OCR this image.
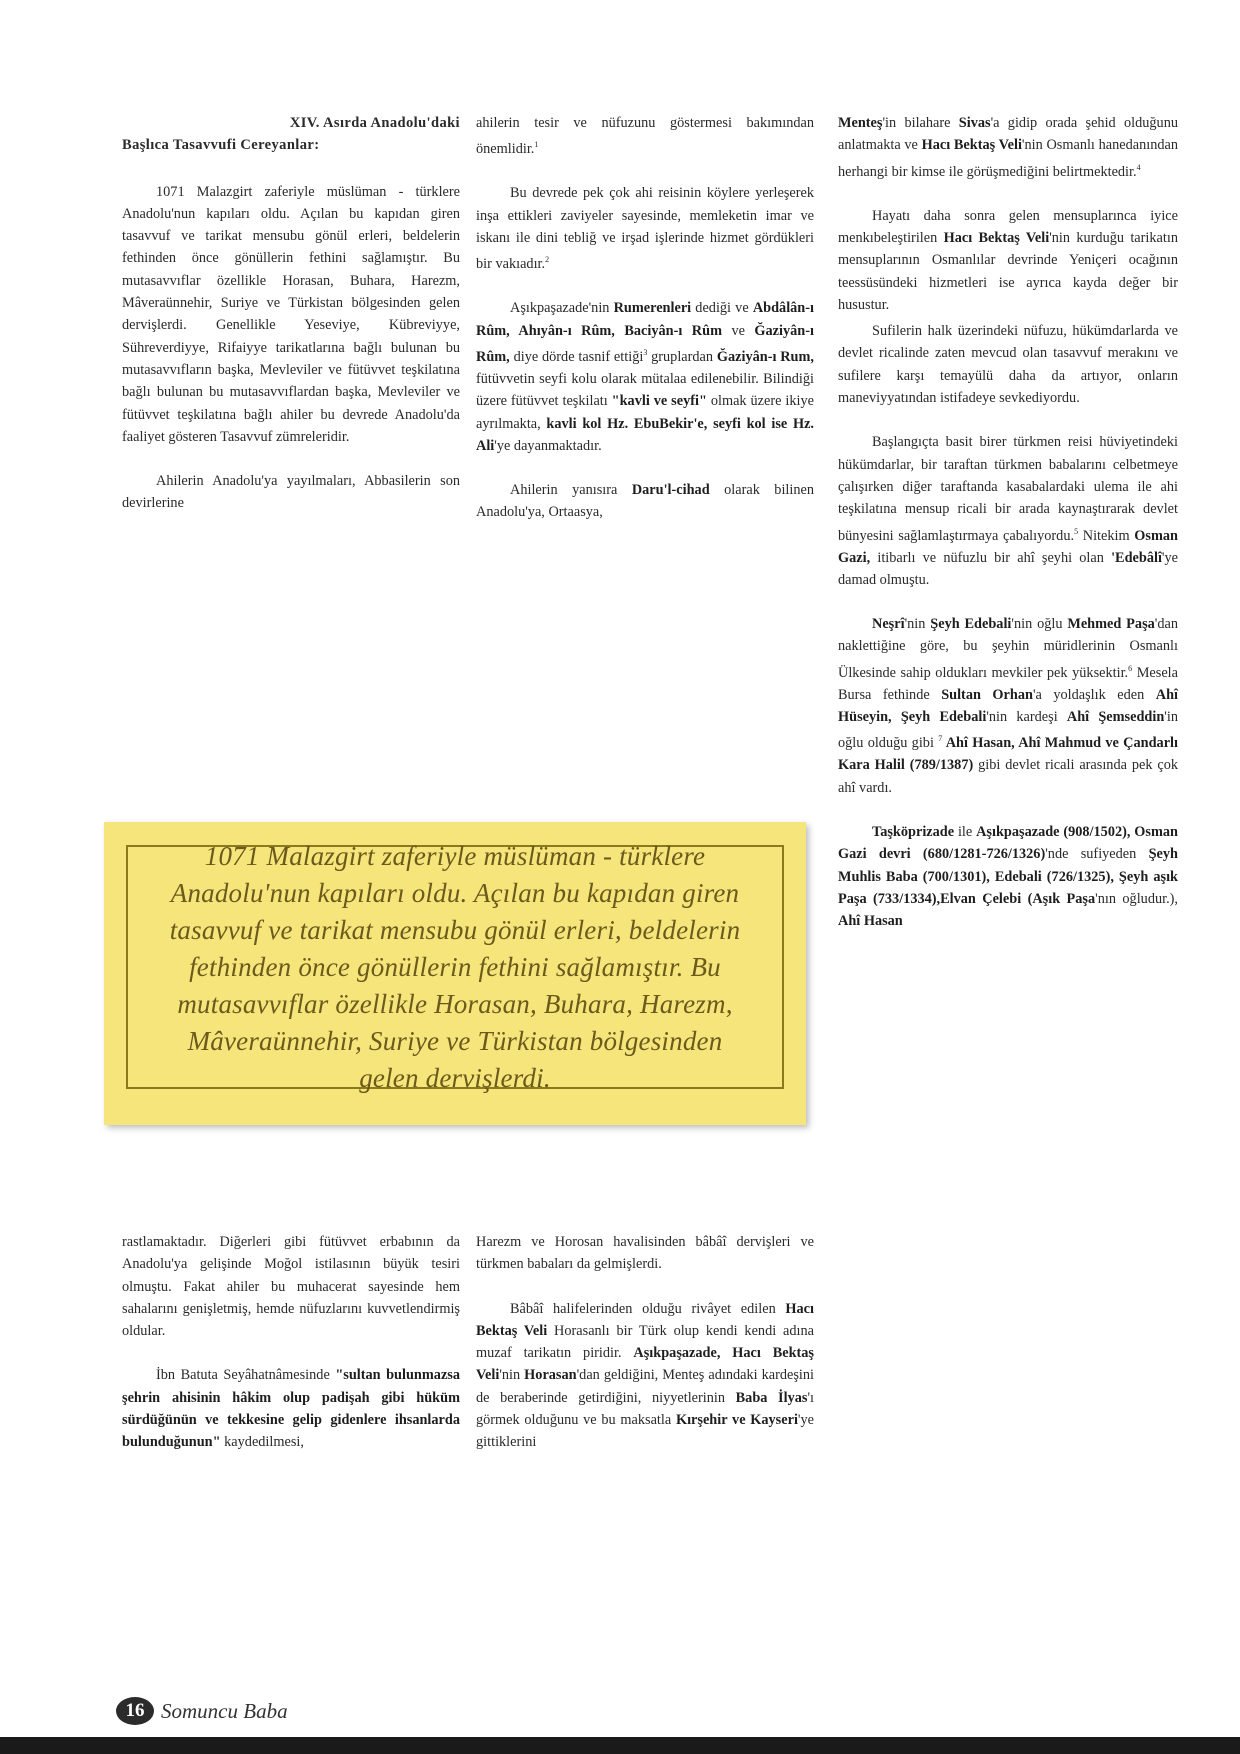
XIV. Asırda Anadolu'daki
Başlıca Tasavvufi Cereyanlar:

1071 Malazgirt zaferiyle müslüman - türklere Anadolu'nun kapıları oldu. Açılan bu kapıdan giren tasavvuf ve tarikat mensubu gönül erleri, beldelerin fethinden önce gönüllerin fethini sağlamıştır. Bu mutasavvıflar özellikle Horasan, Buhara, Harezm, Mâveraünnehir, Suriye ve Türkistan bölgesinden gelen dervişlerdi. Genellikle Yeseviye, Kübreviyye, Sühreverdiyye, Rifaiyye tarikatlarına bağlı bulunan bu mutasavvıfların başka, Mevleviler ve fütüvvet teşkilatına bağlı bulunan bu mutasavvıflardan başka, Mevleviler ve fütüvvet teşkilatına bağlı ahiler bu devrede Anadolu'da faaliyet gösteren Tasavvuf zümreleridir.

Ahilerin Anadolu'ya yayılmaları, Abbasilerin son devirlerine

ahilerin tesir ve nüfuzunu göstermesi bakımından önemlidir.$^1$

Bu devrede pek çok ahi reisinin köylere yerleşerek inşa ettikleri zaviyeler sayesinde, memleketin imar ve iskanı ile dini tebliğ ve irşad işlerinde hizmet gördükleri bir vakıadır.$^2$

Aşıkpaşazade'nin Rumerenleri dediği ve Abdâlân-ı Rûm, Ahıyân-ı Rûm, Baciyân-ı Rûm ve Ğaziyân-ı Rûm, diye dörde tasnif ettiği$^3$ gruplardan Ğaziyân-ı Rum, fütüvvetin seyfi kolu olarak mütalaa edilenebilir. Bilindiği üzere fütüvvet teşkilatı "kavli ve seyfi" olmak üzere ikiye ayrılmakta, kavli kol Hz. EbuBekir'e, seyfi kol ise Hz. Ali'ye dayanmaktadır.

Ahilerin yanısıra Daru'l-cihad olarak bilinen Anadolu'ya, Ortaasya,

Menteş'in bilahare Sivas'a gidip orada şehid olduğunu anlatmakta ve Hacı Bektaş Veli'nin Osmanlı hanedanından herhangi bir kimse ile görüşmediğini belirtmektedir.$^4$

Hayatı daha sonra gelen mensuplarınca iyice menkıbeleştirilen Hacı Bektaş Veli'nin kurduğu tarikatın mensuplarının Osmanlılar devrinde Yeniçeri ocağının teessüsündeki hizmetleri ise ayrıca kayda değer bir husustur.

Sufilerin halk üzerindeki nüfuzu, hükümdarlarda ve devlet ricalinde zaten mevcud olan tasavvuf merakını ve sufilere karşı temayülü daha da artıyor, onların maneviyyatından istifadeye sevkediyordu.

Başlangıçta basit birer türkmen reisi hüviyetindeki hükümdarlar, bir taraftan türkmen babalarını celbetmeye çalışırken diğer taraftanda kasabalardaki ulema ile ahi teşkilatına mensup ricali bir arada kaynaştırarak devlet bünyesini sağlamlaştırmaya çabalıyordu.$^5$ Nitekim Osman Gazi, itibarlı ve nüfuzlu bir ahî şeyhi olan 'Edebâlî'ye damad olmuştu.

Neşrî'nin Şeyh Edebali'nin oğlu Mehmed Paşa'dan naklettiğine göre, bu şeyhin müridlerinin Osmanlı Ülkesinde sahip oldukları mevkiler pek yüksektir.$^6$ Mesela Bursa fethinde Sultan Orhan'a yoldaşlık eden Ahî Hüseyin, Şeyh Edebali'nin kardeşi Ahî Şemseddin'in oğlu olduğu gibi $^7$ Ahî Hasan, Ahî Mahmud ve Çandarlı Kara Halil (789/1387) gibi devlet ricali arasında pek çok ahî vardı.

Taşköprizade ile Aşıkpaşazade (908/1502), Osman Gazi devri (680/1281-726/1326)'nde sufiyeden Şeyh Muhlis Baba (700/1301), Edebali (726/1325), Şeyh aşık Paşa (733/1334),Elvan Çelebi (Aşık Paşa'nın oğludur.), Ahî Hasan

1071 Malazgirt zaferiyle müslüman - türklere Anadolu'nun kapıları oldu. Açılan bu kapıdan giren tasavvuf ve tarikat mensubu gönül erleri, beldelerin fethinden önce gönüllerin fethini sağlamıştır. Bu mutasavvıflar özellikle Horasan, Buhara, Harezm, Mâveraünnehir, Suriye ve Türkistan bölgesinden gelen dervişlerdi.

rastlamaktadır. Diğerleri gibi fütüvvet erbabının da Anadolu'ya gelişinde Moğol istilasının büyük tesiri olmuştu. Fakat ahiler bu muhacerat sayesinde hem sahalarını genişletmiş, hemde nüfuzlarını kuvvetlendirmiş oldular.

İbn Batuta Seyâhatnâmesinde "sultan bulunmazsa şehrin ahisinin hâkim olup padişah gibi hüküm sürdüğünün ve tekkesine gelip gidenlere ihsanlarda bulunduğunun" kaydedilmesi,

Harezm ve Horosan havalisinden bâbâî dervişleri ve türkmen babaları da gelmişlerdi.

Bâbâî halifelerinden olduğu rivâyet edilen Hacı Bektaş Veli Horasanlı bir Türk olup kendi kendi adına muzaf tarikatın piridir. Aşıkpaşazade, Hacı Bektaş Veli'nin Horasan'dan geldiğini, Menteş adındaki kardeşini de beraberinde getirdiğini, niyyetlerinin Baba İlyas'ı görmek olduğunu ve bu maksatla Kırşehir ve Kayseri'ye gittiklerini

16 Somuncu Baba
